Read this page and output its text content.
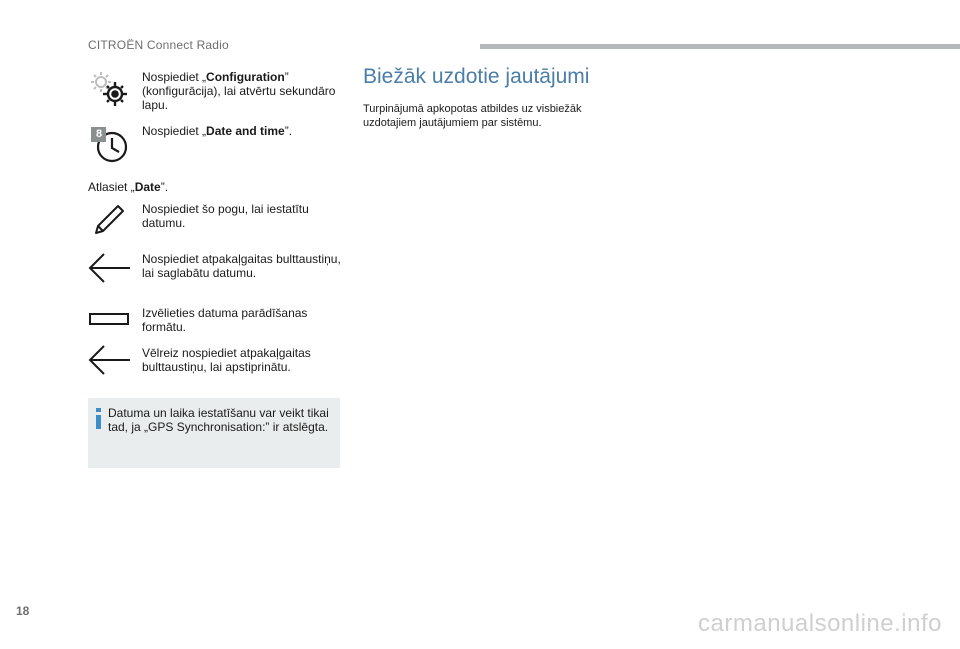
CITROËN Connect Radio
Nospiediet „Configuration” (konfigurācija), lai atvērtu sekundāro lapu.
8	Nospiediet „Date and time”.
Atlasiet „Date”.
Nospiediet šo pogu, lai iestatītu datumu.
Nospiediet atpakaļgaitas bulttaustiņu, lai saglabātu datumu.
Izvēlieties datuma parādīšanas formātu.
Vēlreiz nospiediet atpakaļgaitas bulttaustiņu, lai apstiprinātu.
Datuma un laika iestatīšanu var veikt tikai tad, ja „GPS Synchronisation:” ir atslēgta.
Biežāk uzdotie jautājumi
Turpinājumā apkopotas atbildes uz visbiežāk uzdotajiem jautājumiem par sistēmu.
18	carmanualsonline.info
